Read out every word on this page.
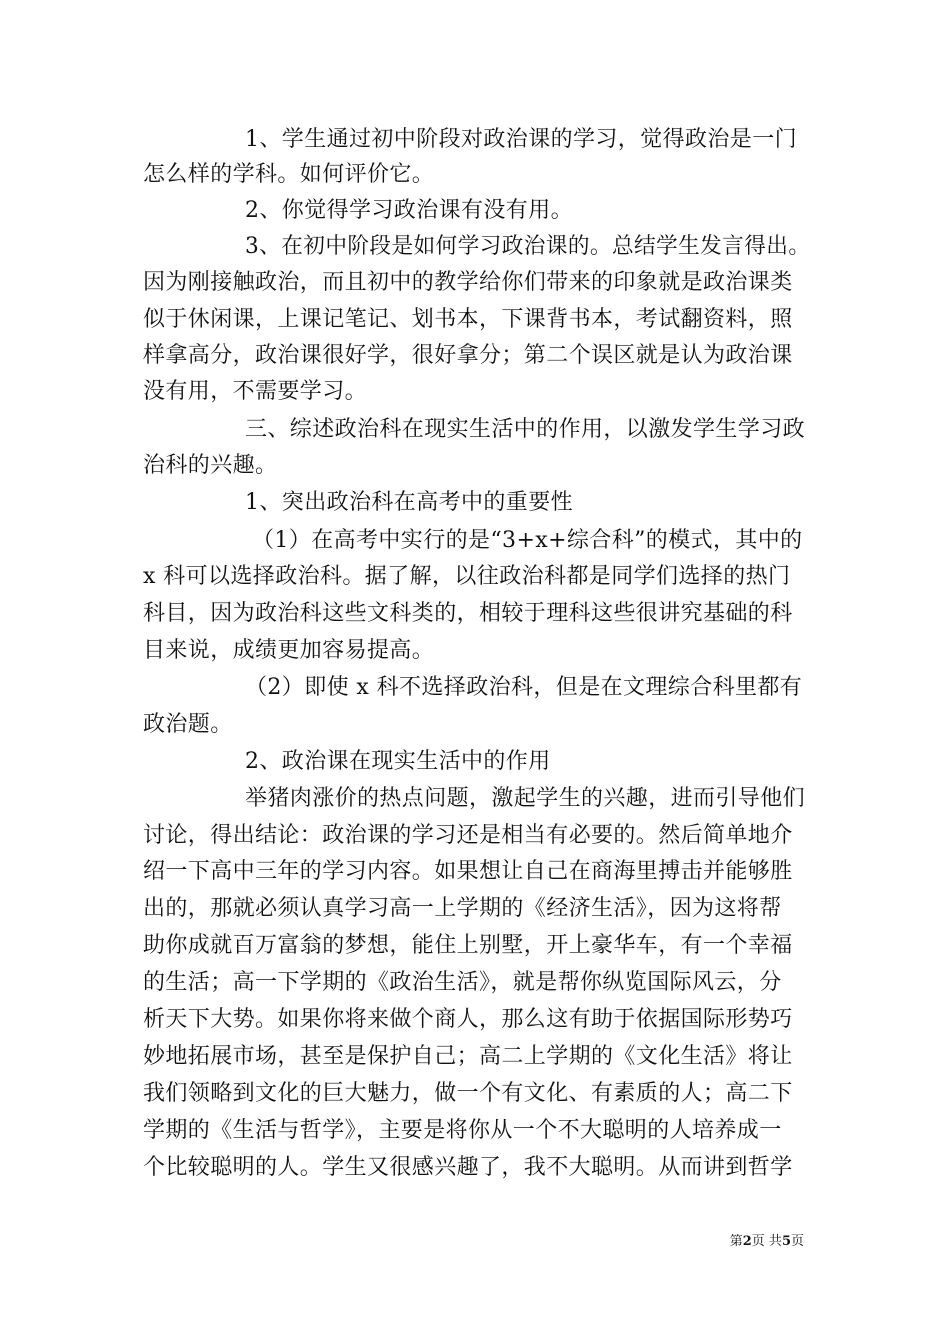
1、学生通过初中阶段对政治课的学习，觉得政治是一门
怎么样的学科。如何评价它。
2、你觉得学习政治课有没有用。
3、在初中阶段是如何学习政治课的。总结学生发言得出。
因为刚接触政治，而且初中的教学给你们带来的印象就是政治课类
似于休闲课，上课记笔记、划书本，下课背书本，考试翻资料，照
样拿高分，政治课很好学，很好拿分；第二个误区就是认为政治课
没有用，不需要学习。
三、综述政治科在现实生活中的作用，以激发学生学习政
治科的兴趣。
1、突出政治科在高考中的重要性
（1）在高考中实行的是“3+x+综合科”的模式，其中的
x 科可以选择政治科。据了解，以往政治科都是同学们选择的热门
科目，因为政治科这些文科类的，相较于理科这些很讲究基础的科
目来说，成绩更加容易提高。
（2）即使 x 科不选择政治科，但是在文理综合科里都有
政治题。
2、政治课在现实生活中的作用
举猪肉涨价的热点问题，激起学生的兴趣，进而引导他们
讨论，得出结论：政治课的学习还是相当有必要的。然后简单地介
绍一下高中三年的学习内容。如果想让自己在商海里搏击并能够胜
出的，那就必须认真学习高一上学期的《经济生活》，因为这将帮
助你成就百万富翁的梦想，能住上别墅，开上豪华车，有一个幸福
的生活；高一下学期的《政治生活》，就是帮你纵览国际风云，分
析天下大势。如果你将来做个商人，那么这有助于依据国际形势巧
妙地拓展市场，甚至是保护自己；高二上学期的《文化生活》将让
我们领略到文化的巨大魅力，做一个有文化、有素质的人；高二下
学期的《生活与哲学》，主要是将你从一个不大聪明的人培养成一
个比较聪明的人。学生又很感兴趣了，我不大聪明。从而讲到哲学
第2页 共5页
